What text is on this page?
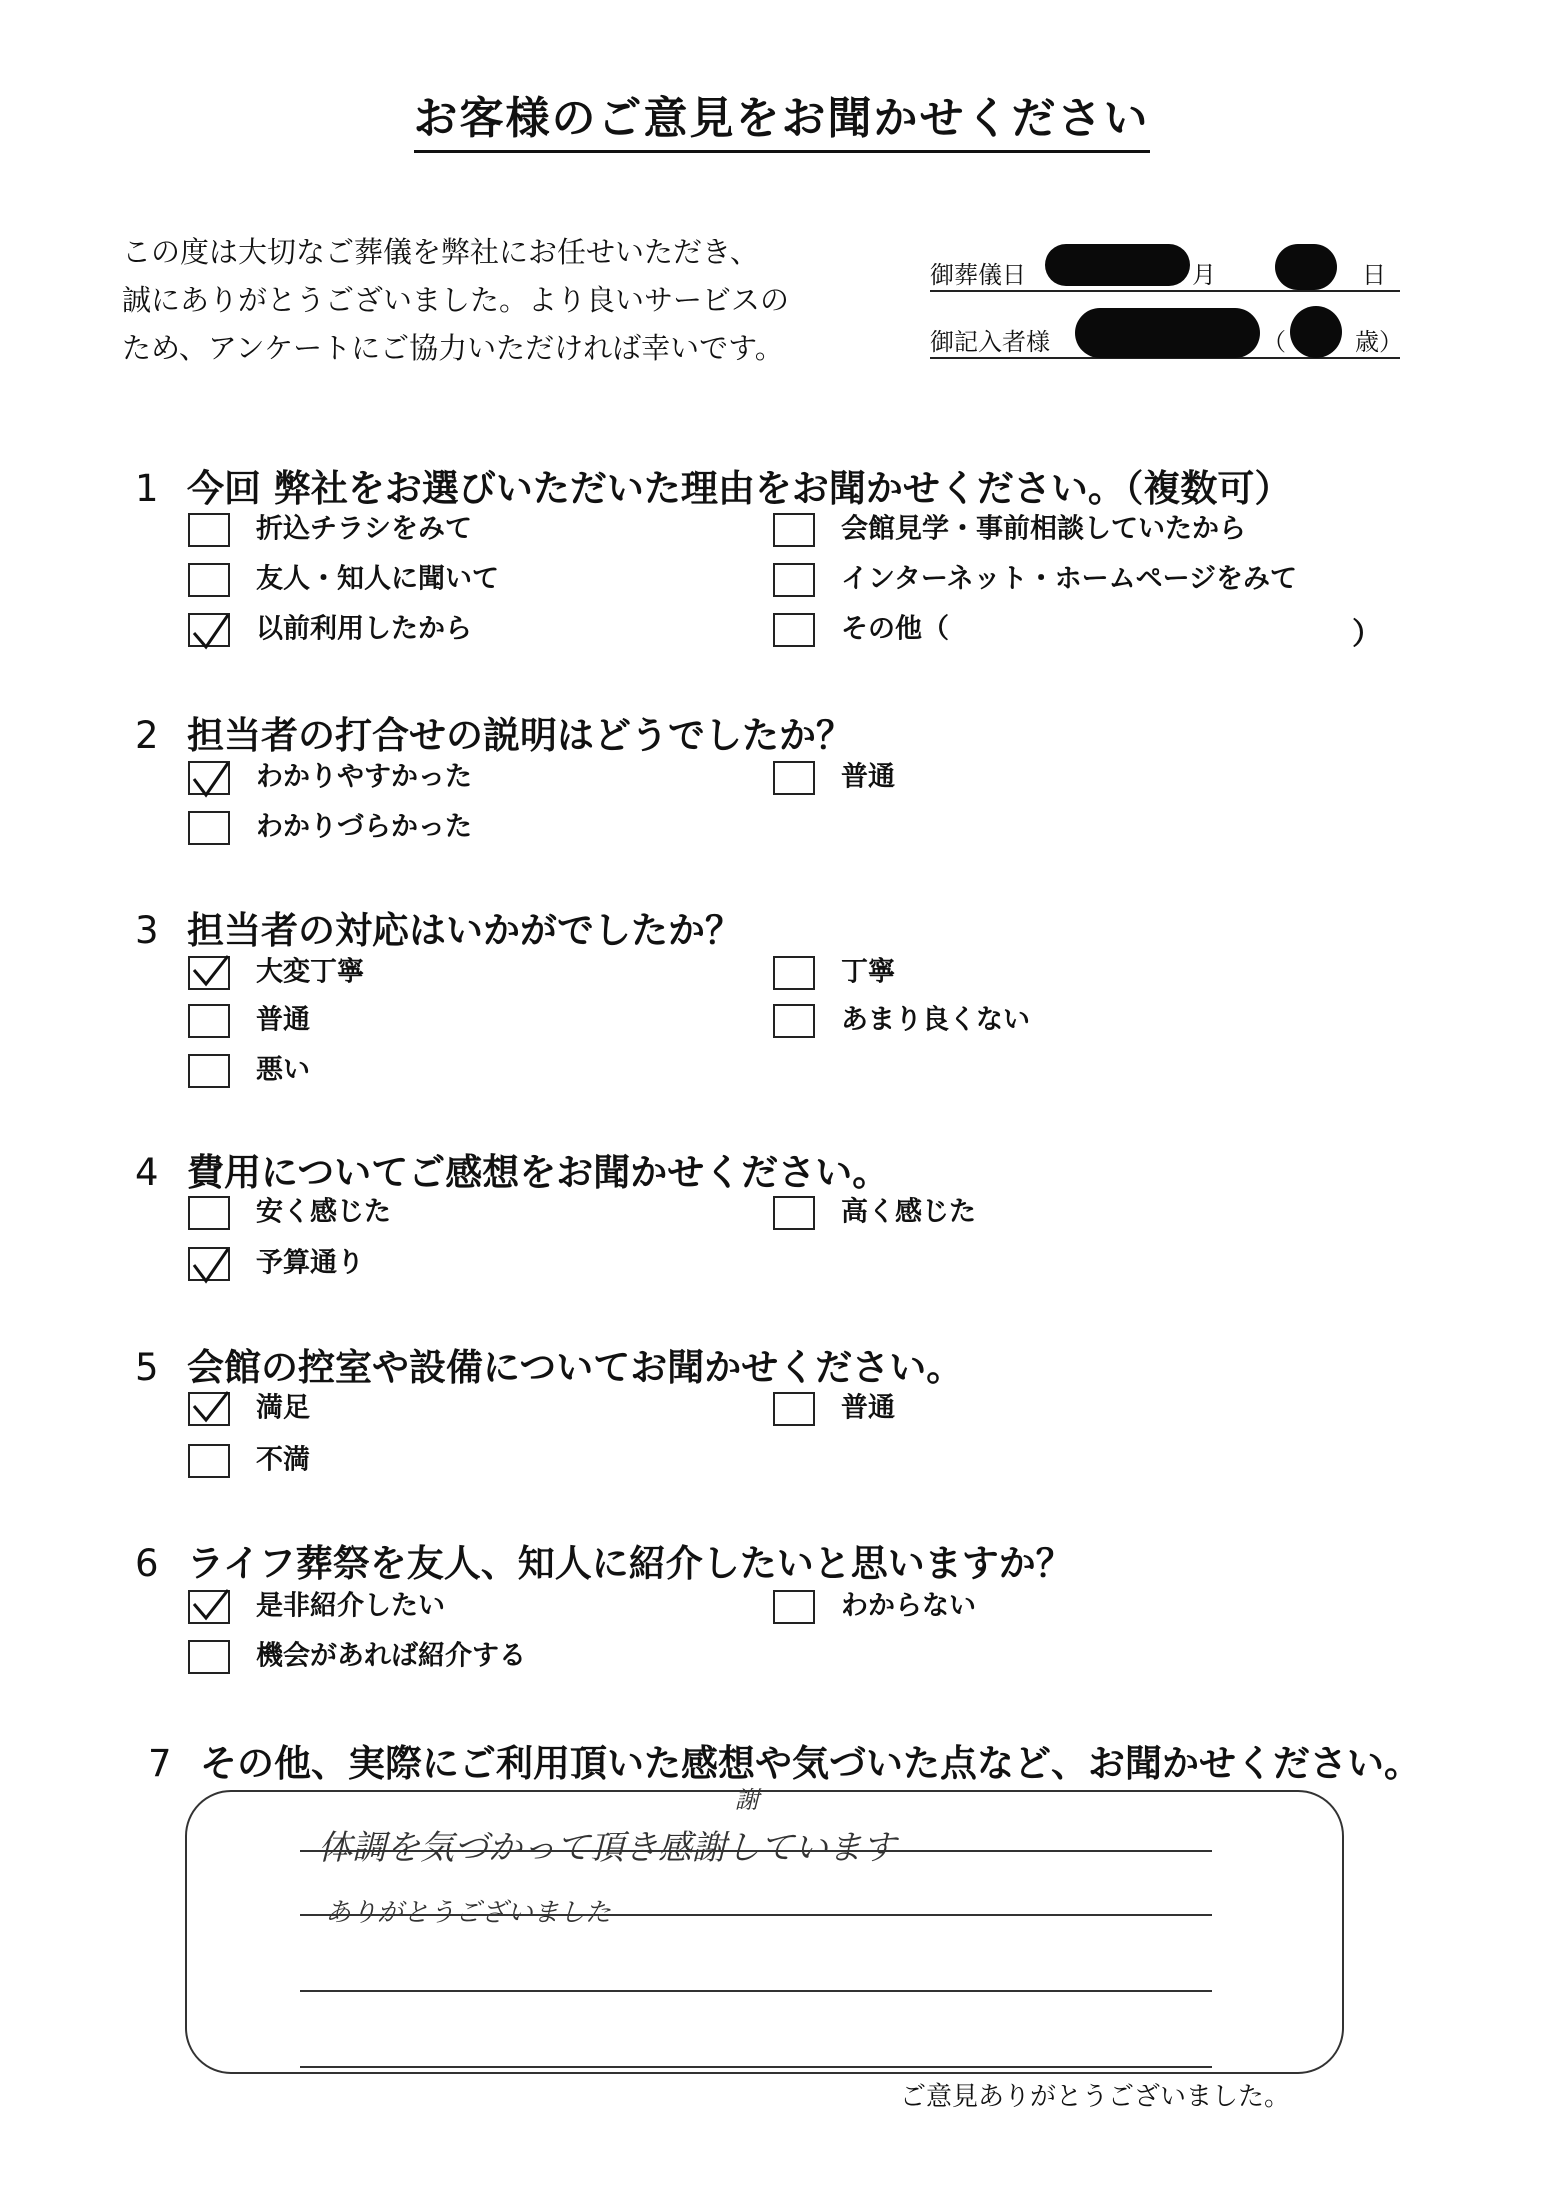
お客様のご意見をお聞かせください
この度は大切なご葬儀を弊社にお任せいただき、
誠にありがとうございました。より良いサービスの
ため、アンケートにご協力いただければ幸いです。
御葬儀日	月	日
御記入者様	（	歳）
1 今回 弊社をお選びいただいた理由をお聞かせください。（複数可）
折込チラシをみて	会館見学・事前相談していたから
友人・知人に聞いて	インターネット・ホームページをみて
以前利用したから	その他（	）
2 担当者の打合せの説明はどうでしたか？
わかりやすかった	普通
わかりづらかった
3 担当者の対応はいかがでしたか？
大変丁寧	丁寧
普通	あまり良くない
悪い
4 費用についてご感想をお聞かせください。
安く感じた	高く感じた
予算通り
5 会館の控室や設備についてお聞かせください。
満足	普通
不満
6 ライフ葬祭を友人、知人に紹介したいと思いますか？
是非紹介したい	わからない
機会があれば紹介する
7 その他、実際にご利用頂いた感想や気づいた点など、お聞かせください。
体調を気づかって頂き感謝しています
謝
ありがとうございました
ご意見ありがとうございました。
